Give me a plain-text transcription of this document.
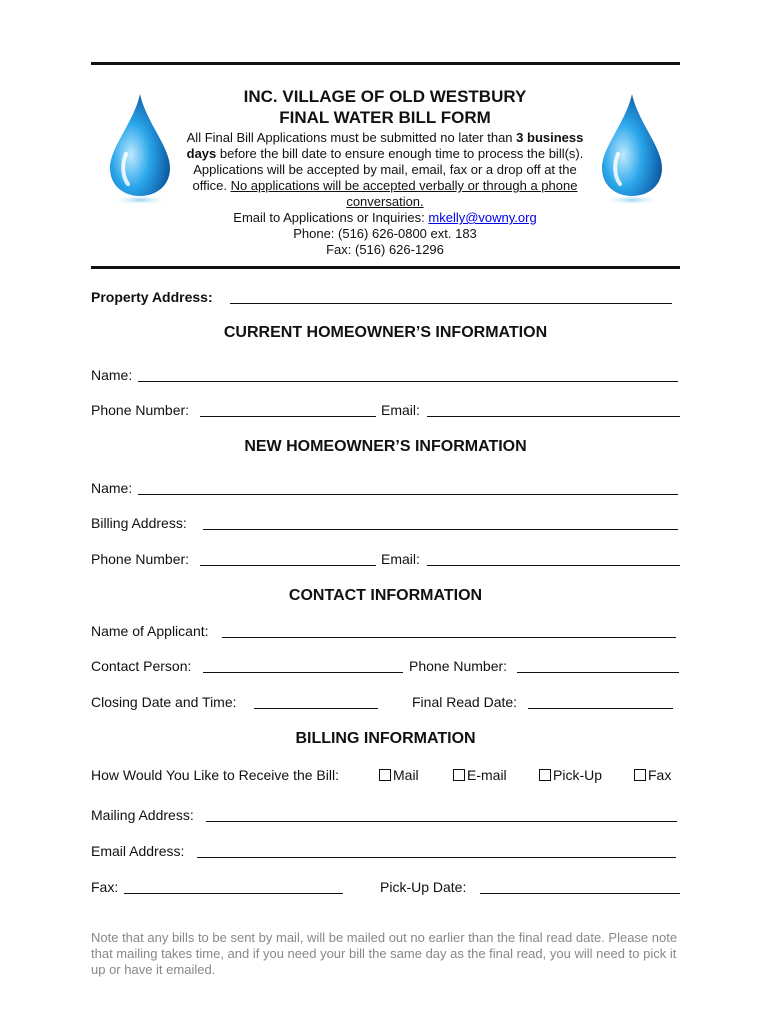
INC. VILLAGE OF OLD WESTBURY
FINAL WATER BILL FORM
All Final Bill Applications must be submitted no later than 3 business days before the bill date to ensure enough time to process the bill(s). Applications will be accepted by mail, email, fax or a drop off at the office. No applications will be accepted verbally or through a phone conversation.
Email to Applications or Inquiries: mkelly@vowny.org
Phone: (516) 626-0800 ext. 183
Fax: (516) 626-1296
Property Address:
CURRENT HOMEOWNER’S INFORMATION
Name:
Phone Number:	Email:
NEW HOMEOWNER’S INFORMATION
Name:
Billing Address:
Phone Number:	Email:
CONTACT INFORMATION
Name of Applicant:
Contact Person:	Phone Number:
Closing Date and Time:	Final Read Date:
BILLING INFORMATION
How Would You Like to Receive the Bill:	Mail	E-mail	Pick-Up	Fax
Mailing Address:
Email Address:
Fax:	Pick-Up Date:
Note that any bills to be sent by mail, will be mailed out no earlier than the final read date. Please note that mailing takes time, and if you need your bill the same day as the final read, you will need to pick it up or have it emailed.
